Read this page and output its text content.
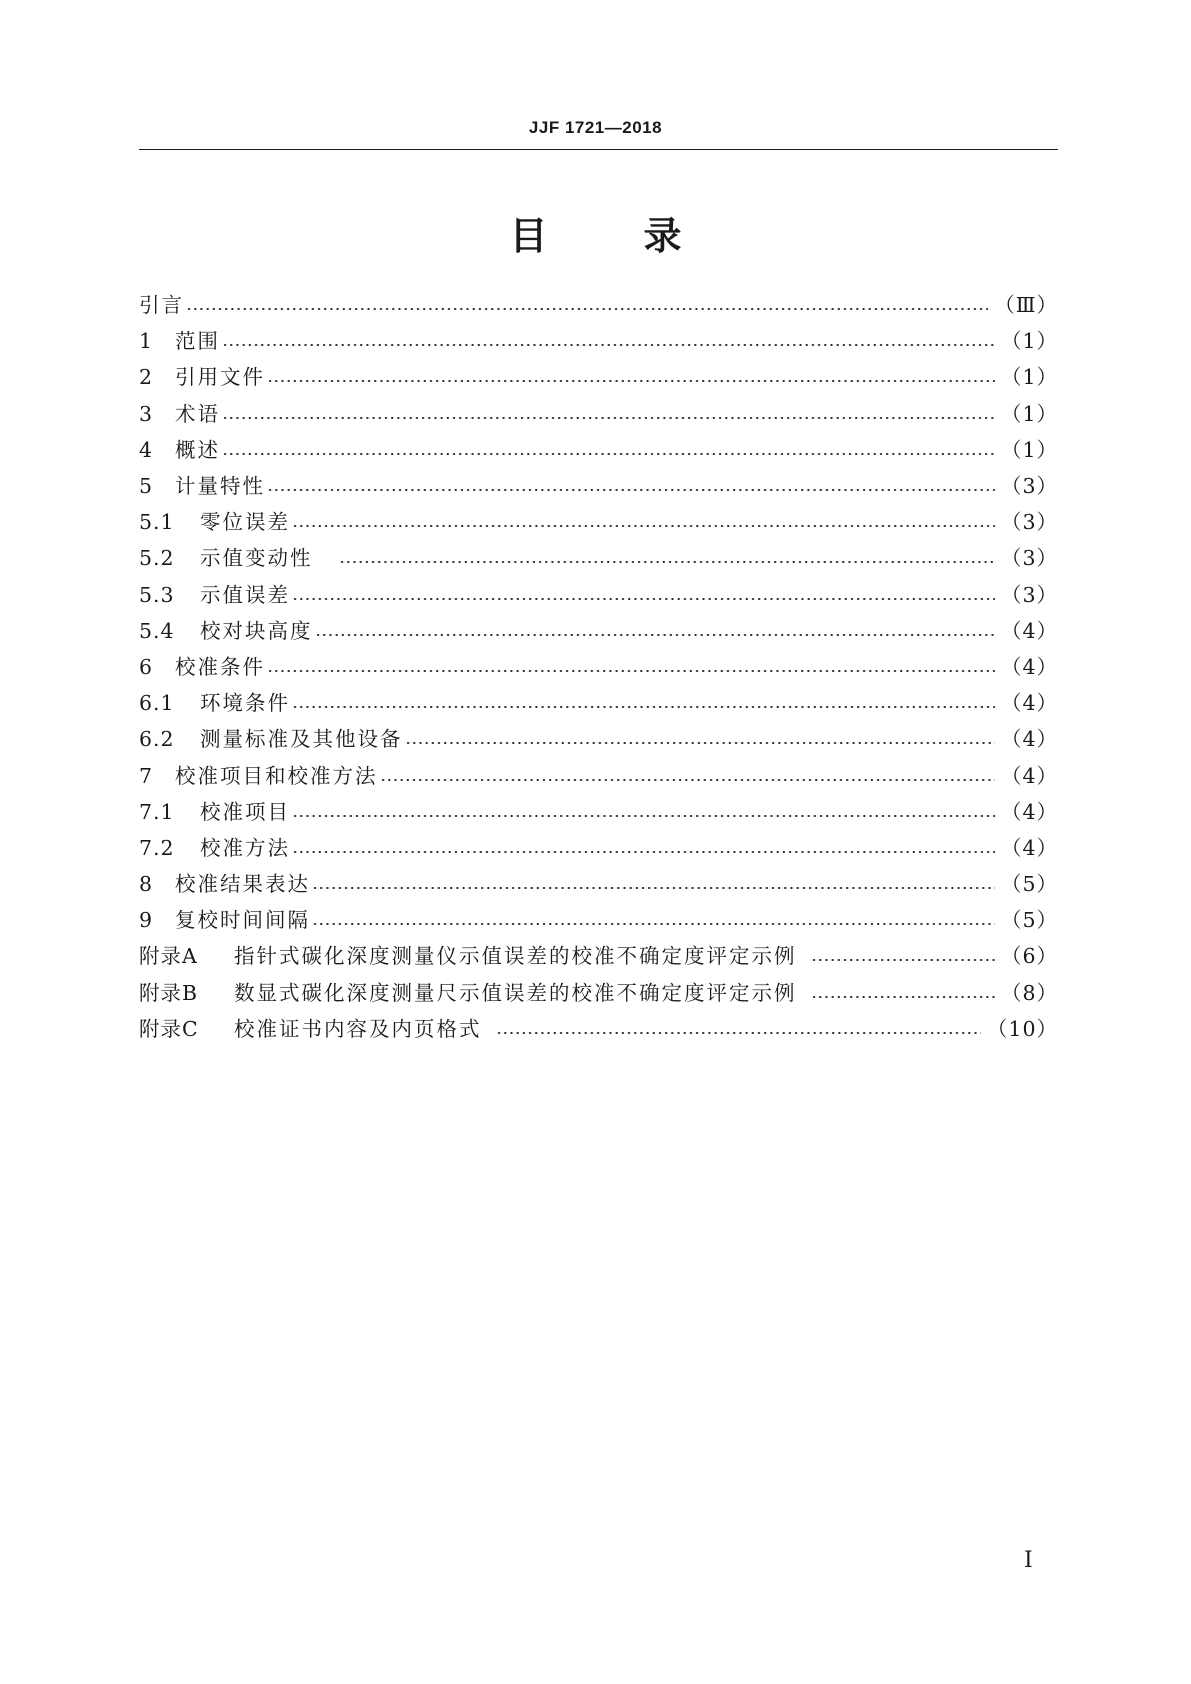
JJF 1721—2018
目录
引言	（Ⅲ）
1	范围	（1）
2	引用文件	（1）
3	术语	（1）
4	概述	（1）
5	计量特性	（3）
5.1	零位误差	（3）
5.2	示值变动性	（3）
5.3	示值误差	（3）
5.4	校对块高度	（4）
6	校准条件	（4）
6.1	环境条件	（4）
6.2	测量标准及其他设备	（4）
7	校准项目和校准方法	（4）
7.1	校准项目	（4）
7.2	校准方法	（4）
8	校准结果表达	（5）
9	复校时间间隔	（5）
附录A	指针式碳化深度测量仪示值误差的校准不确定度评定示例	（6）
附录B	数显式碳化深度测量尺示值误差的校准不确定度评定示例	（8）
附录C	校准证书内容及内页格式	（10）
I
